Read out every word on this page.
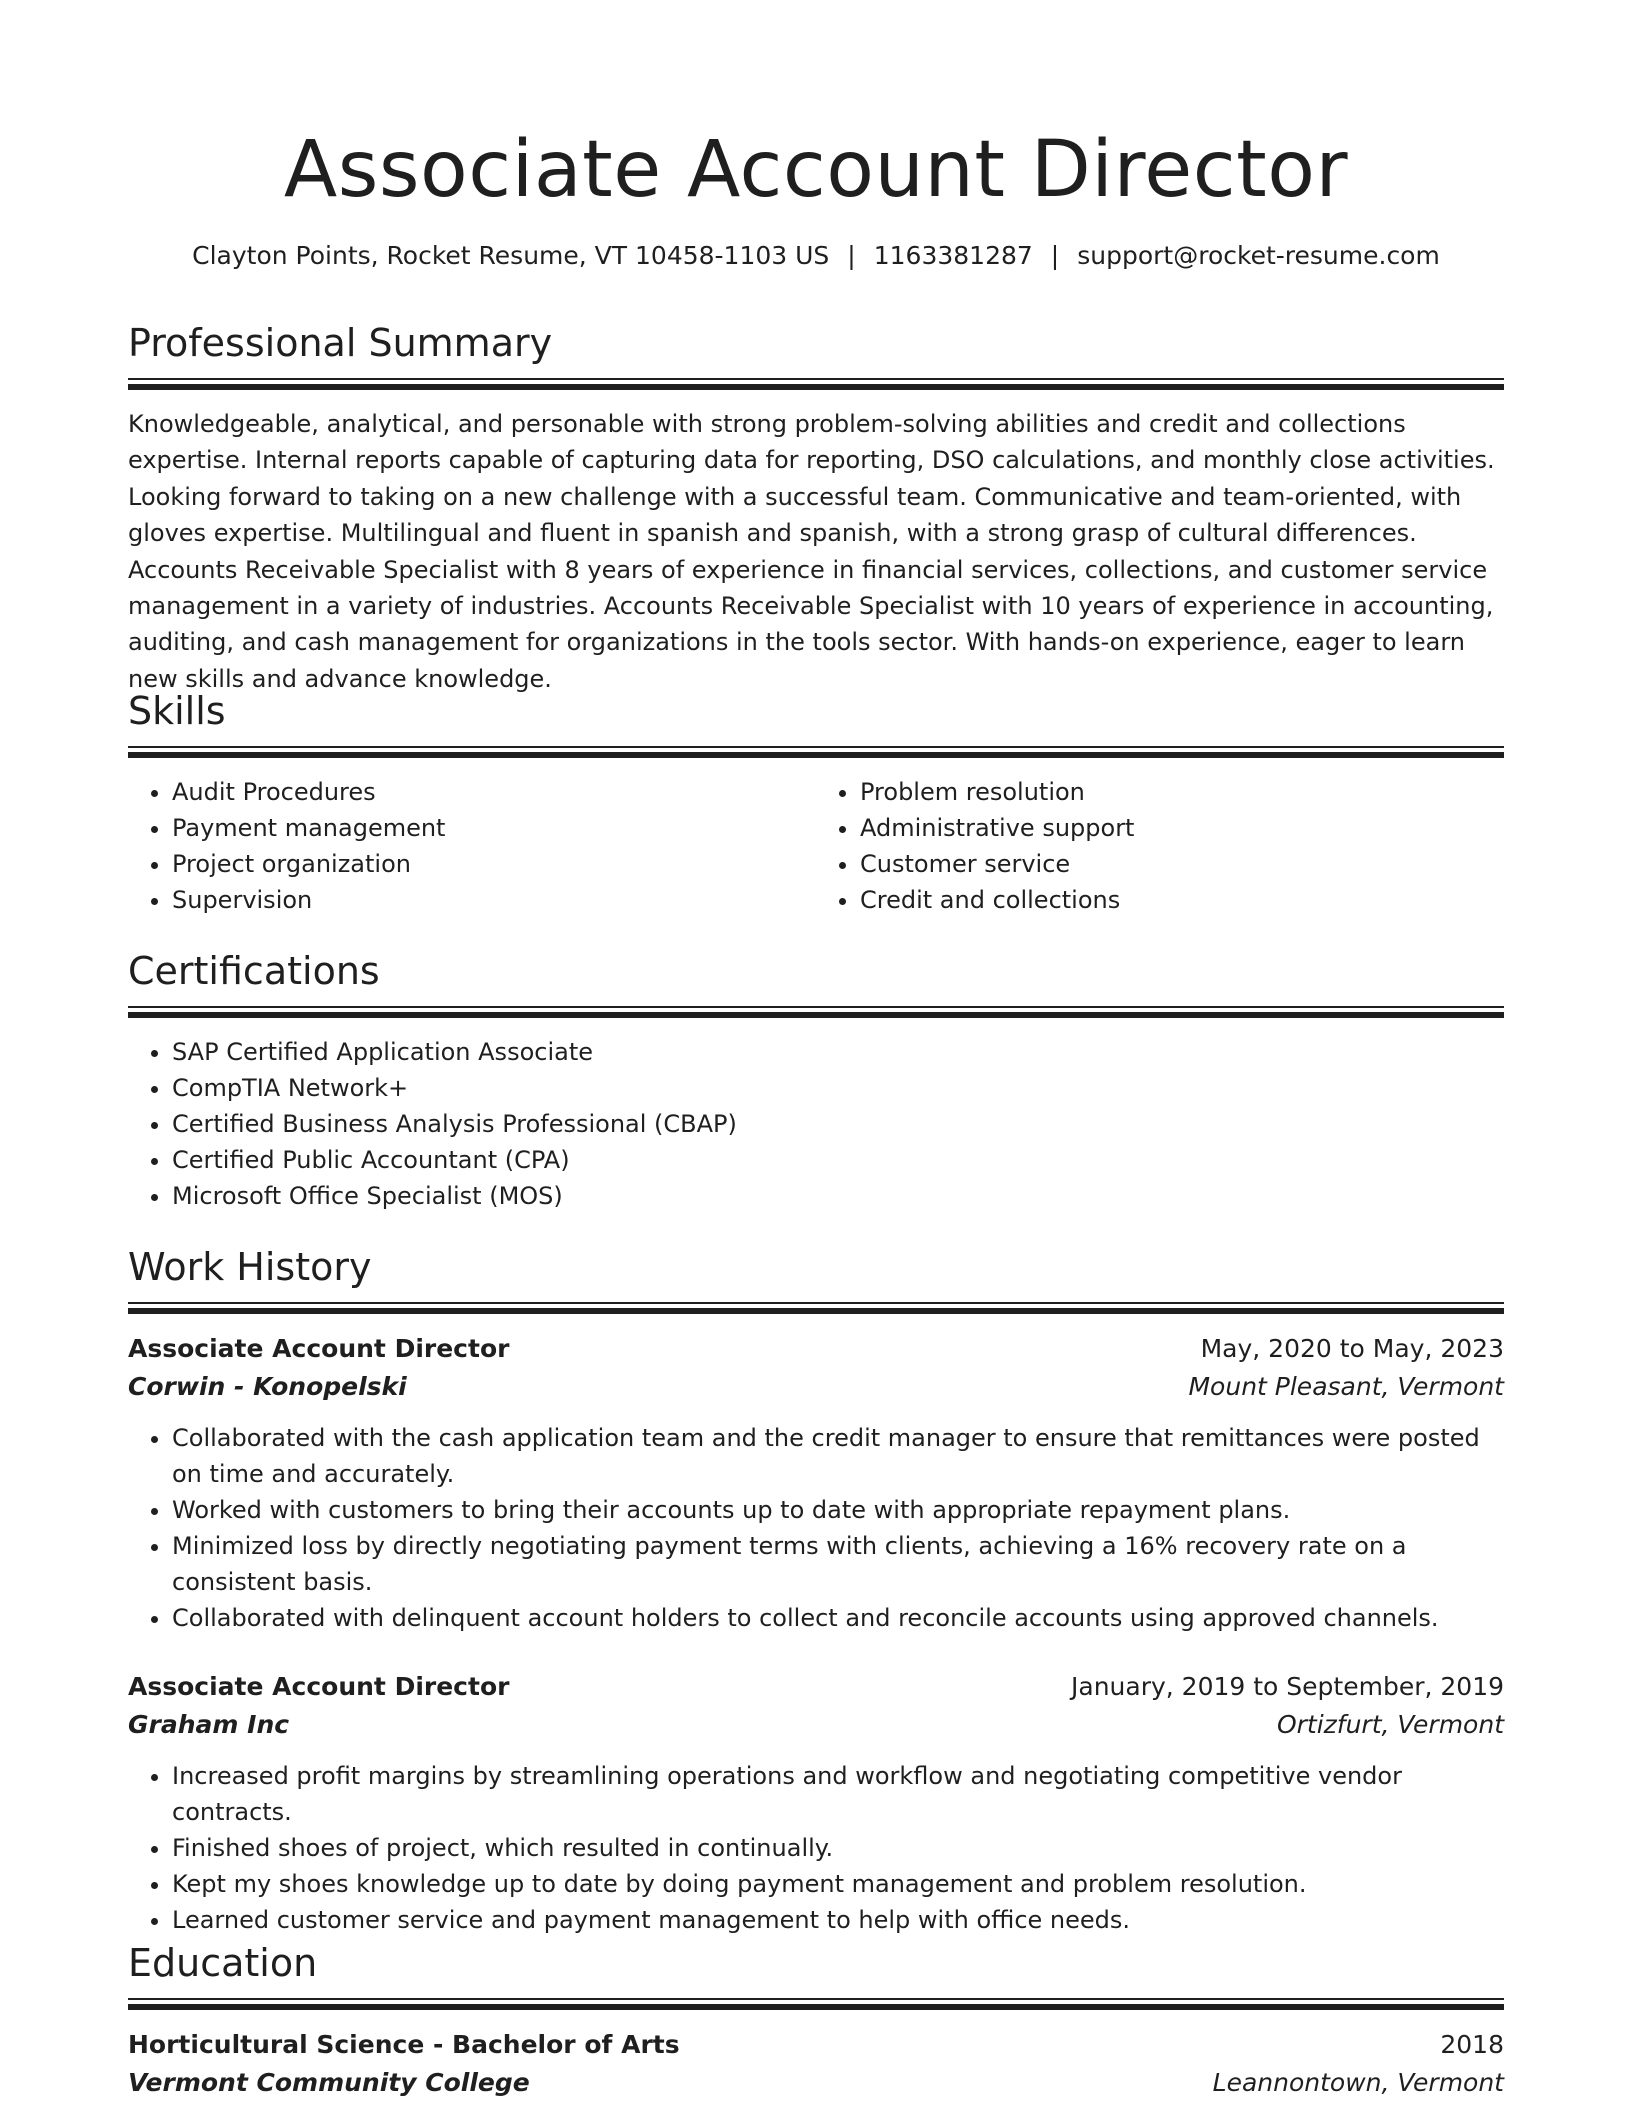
Associate Account Director
Clayton Points, Rocket Resume, VT 10458-1103 US | 1163381287 | support@rocket-resume.com
Professional Summary

Knowledgeable, analytical, and personable with strong problem-solving abilities and credit and collections expertise. Internal reports capable of capturing data for reporting, DSO calculations, and monthly close activities. Looking forward to taking on a new challenge with a successful team. Communicative and team-oriented, with gloves expertise. Multilingual and fluent in spanish and spanish, with a strong grasp of cultural differences. Accounts Receivable Specialist with 8 years of experience in financial services, collections, and customer service management in a variety of industries. Accounts Receivable Specialist with 10 years of experience in accounting, auditing, and cash management for organizations in the tools sector. With hands-on experience, eager to learn new skills and advance knowledge.

Skills
• Audit Procedures
• Payment management
• Project organization
• Supervision
• Problem resolution
• Administrative support
• Customer service
• Credit and collections
Certifications
• SAP Certified Application Associate
• CompTIA Network+
• Certified Business Analysis Professional (CBAP)
• Certified Public Accountant (CPA)
• Microsoft Office Specialist (MOS)
Work History
Associate Account Director	May, 2020 to May, 2023
Corwin - Konopelski	Mount Pleasant, Vermont
• Collaborated with the cash application team and the credit manager to ensure that remittances were posted on time and accurately.
• Worked with customers to bring their accounts up to date with appropriate repayment plans.
• Minimized loss by directly negotiating payment terms with clients, achieving a 16% recovery rate on a consistent basis.
• Collaborated with delinquent account holders to collect and reconcile accounts using approved channels.
Associate Account Director	January, 2019 to September, 2019
Graham Inc	Ortizfurt, Vermont
• Increased profit margins by streamlining operations and workflow and negotiating competitive vendor contracts.
• Finished shoes of project, which resulted in continually.
• Kept my shoes knowledge up to date by doing payment management and problem resolution.
• Learned customer service and payment management to help with office needs.
Education
Horticultural Science - Bachelor of Arts	2018
Vermont Community College	Leannontown, Vermont
